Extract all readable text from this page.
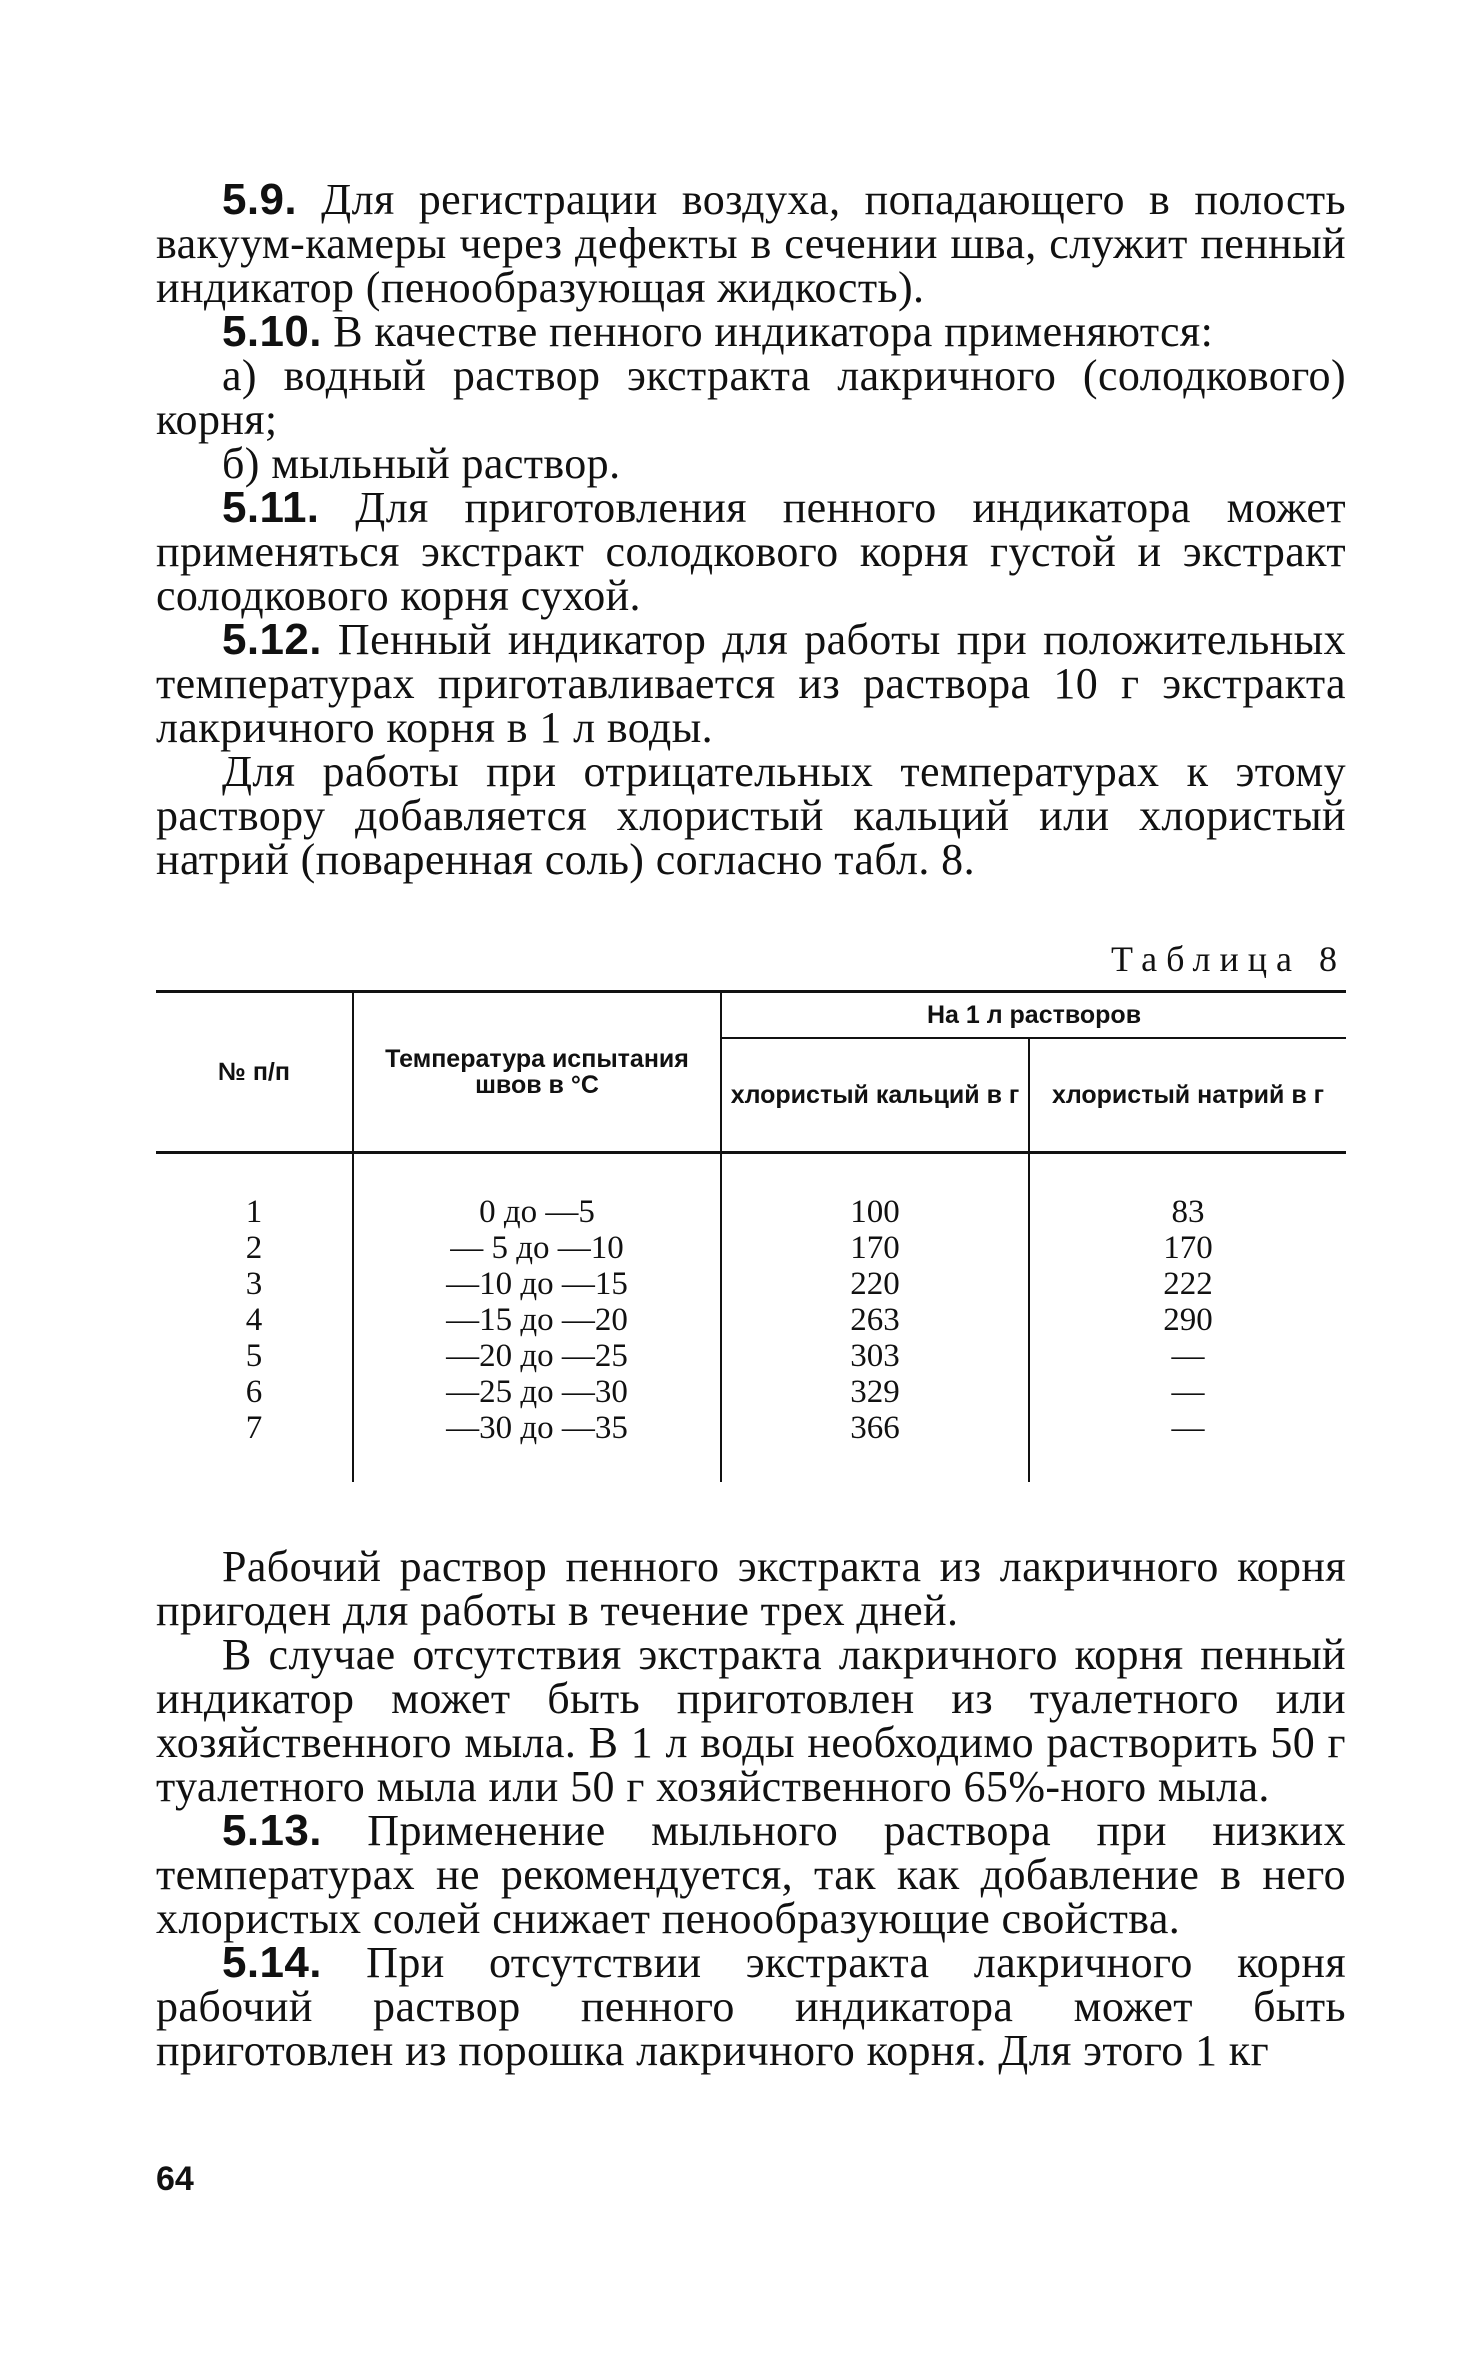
5.9. Для регистрации воздуха, попадающего в полость вакуум-камеры через дефекты в сечении шва, служит пенный индикатор (пенообразующая жидкость).

5.10. В качестве пенного индикатора применяются:

а) водный раствор экстракта лакричного (солодкового) корня;

б) мыльный раствор.

5.11. Для приготовления пенного индикатора может применяться экстракт солодкового корня густой и экстракт солодкового корня сухой.

5.12. Пенный индикатор для работы при положительных температурах приготавливается из раствора 10 г экстракта лакричного корня в 1 л воды.

Для работы при отрицательных температурах к этому раствору добавляется хлористый кальций или хлористый натрий (поваренная соль) согласно табл. 8.

Таблица 8
№ п/п	Температура испытания швов в °С	На 1 л растворов	
		хлористый кальций в г	хлористый натрий в г
1	0 до —5	100	83
2	— 5 до —10	170	170
3	—10 до —15	220	222
4	—15 до —20	263	290
5	—20 до —25	303	—
6	—25 до —30	329	—
7	—30 до —35	366	—

Рабочий раствор пенного экстракта из лакричного корня пригоден для работы в течение трех дней.

В случае отсутствия экстракта лакричного корня пенный индикатор может быть приготовлен из туалетного или хозяйственного мыла. В 1 л воды необходимо растворить 50 г туалетного мыла или 50 г хозяйственного 65%-ного мыла.

5.13. Применение мыльного раствора при низких температурах не рекомендуется, так как добавление в него хлористых солей снижает пенообразующие свойства.

5.14. При отсутствии экстракта лакричного корня рабочий раствор пенного индикатора может быть приготовлен из порошка лакричного корня. Для этого 1 кг

64
